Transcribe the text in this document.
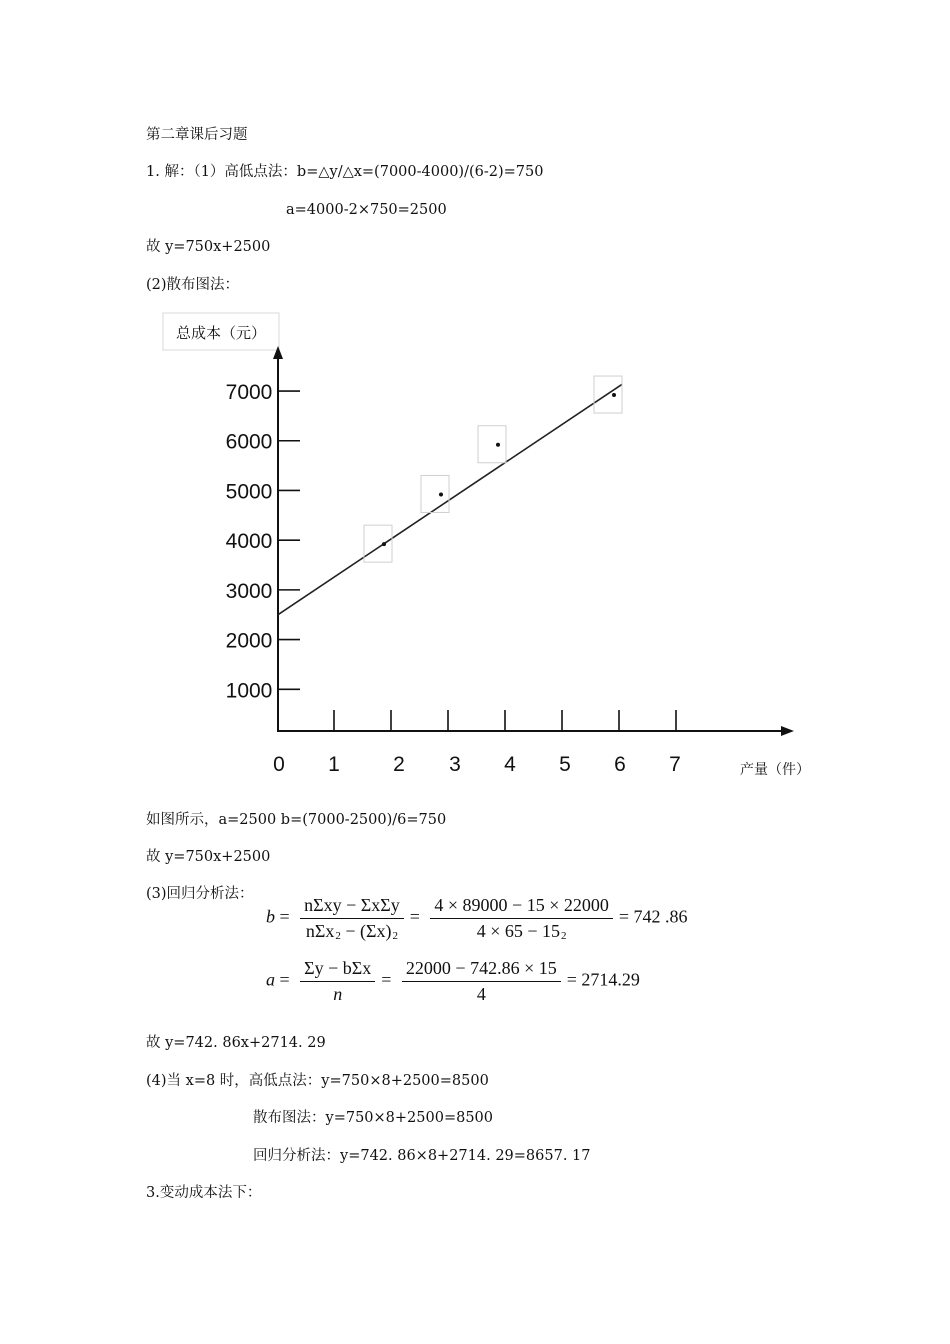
第二章课后习题
1. 解：（1）高低点法：b=△y/△x=(7000-4000)/(6-2)=750
a=4000-2×750=2500
故 y=750x+2500
(2)散布图法：
总成本（元）
产量（件）
1000
2000
3000
4000
5000
6000
7000
0 1	2 3 4 5 6 7
如图所示，a=2500 b=(7000-2500)/6=750
故 y=750x+2500
(3)回归分析法：
$b = \frac{\text{nΣxy − ΣxΣy}}{n\Sigma x^2 - (\Sigma x)^2} = \frac{4 \times 89000 - 15 \times 22000}{4 \times 65 - 15^2} = 742$ .86
$a = \frac{\text{Σy − bΣx}}{n} = \frac{22000 - 742.86 \times 15}{4} = 2714.29$
故 y=742. 86x+2714. 29
(4)当 x=8 时，高低点法：y=750×8+2500=8500
散布图法：y=750×8+2500=8500
回归分析法：y=742. 86×8+2714. 29=8657. 17
3.变动成本法下：
